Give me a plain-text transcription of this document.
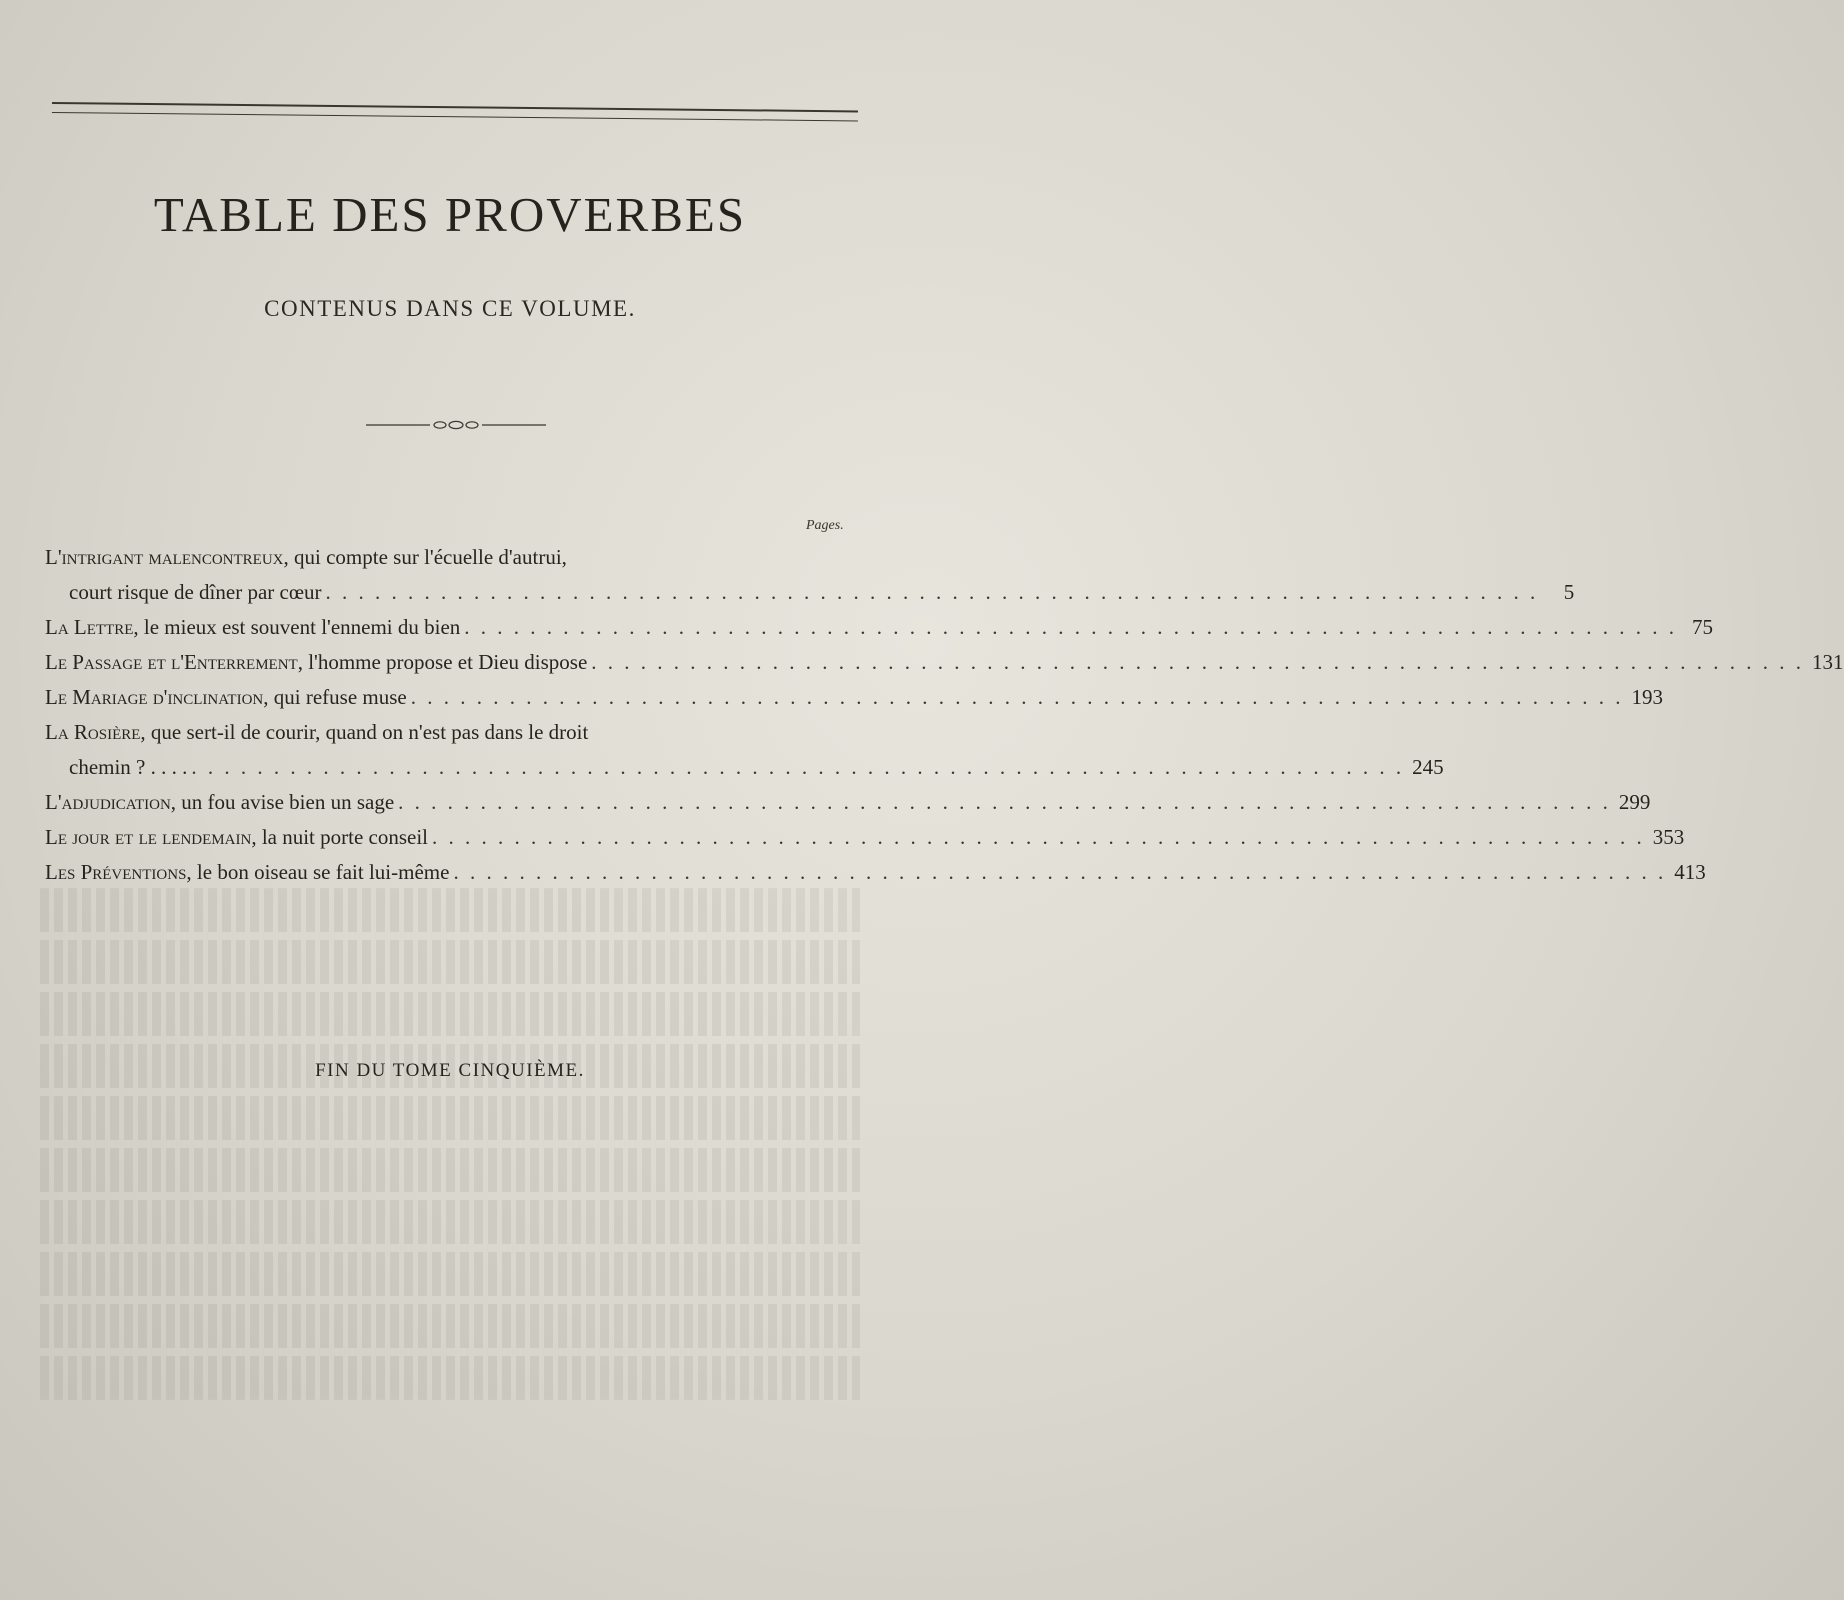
TABLE DES PROVERBES
CONTENUS DANS CE VOLUME.
Pages.
L'intrigant malencontreux , qui compte sur l'écuelle d'autrui,
court risque de dîner par cœur . . . . . . . . . . . . . . . . . . . . . . . . . . . . . . . . . . . . . . . . . . . . . . . . . . . . . . . . . . . . . . . . . . . . . . . . . .	5
La Lettre , le mieux est souvent l'ennemi du bien . . . . . . . . . . . . . . . . . . . . . . . . . . . . . . . . . . . . . . . . . . . . . . . . . . . . . . . . . . . . . . . . . . . . . . . . . . 75
Le Passage et l'Enterrement , l'homme propose et Dieu dispose . . . . . . . . . . . . . . . . . . . . . . . . . . . . . . . . . . . . . . . . . . . . . . . . . . . . . . . . . . . . . . . . . . . . . . . . . . 131
Le Mariage d'inclination , qui refuse muse . . . . . . . . . . . . . . . . . . . . . . . . . . . . . . . . . . . . . . . . . . . . . . . . . . . . . . . . . . . . . . . . . . . . . . . . . . 193
La Rosière , que sert-il de courir, quand on n'est pas dans le droit
chemin ? . . . . . . . . . . . . . . . . . . . . . . . . . . . . . . . . . . . . . . . . . . . . . . . . . . . . . . . . . . . . . . . . . . . . . . . . . . . . . . 245
L'adjudication , un fou avise bien un sage . . . . . . . . . . . . . . . . . . . . . . . . . . . . . . . . . . . . . . . . . . . . . . . . . . . . . . . . . . . . . . . . . . . . . . . . . . 299
Le jour et le lendemain , la nuit porte conseil . . . . . . . . . . . . . . . . . . . . . . . . . . . . . . . . . . . . . . . . . . . . . . . . . . . . . . . . . . . . . . . . . . . . . . . . . . 353
Les Préventions , le bon oiseau se fait lui-même . . . . . . . . . . . . . . . . . . . . . . . . . . . . . . . . . . . . . . . . . . . . . . . . . . . . . . . . . . . . . . . . . . . . . . . . . . 413
FIN DU TOME CINQUIÈME.
